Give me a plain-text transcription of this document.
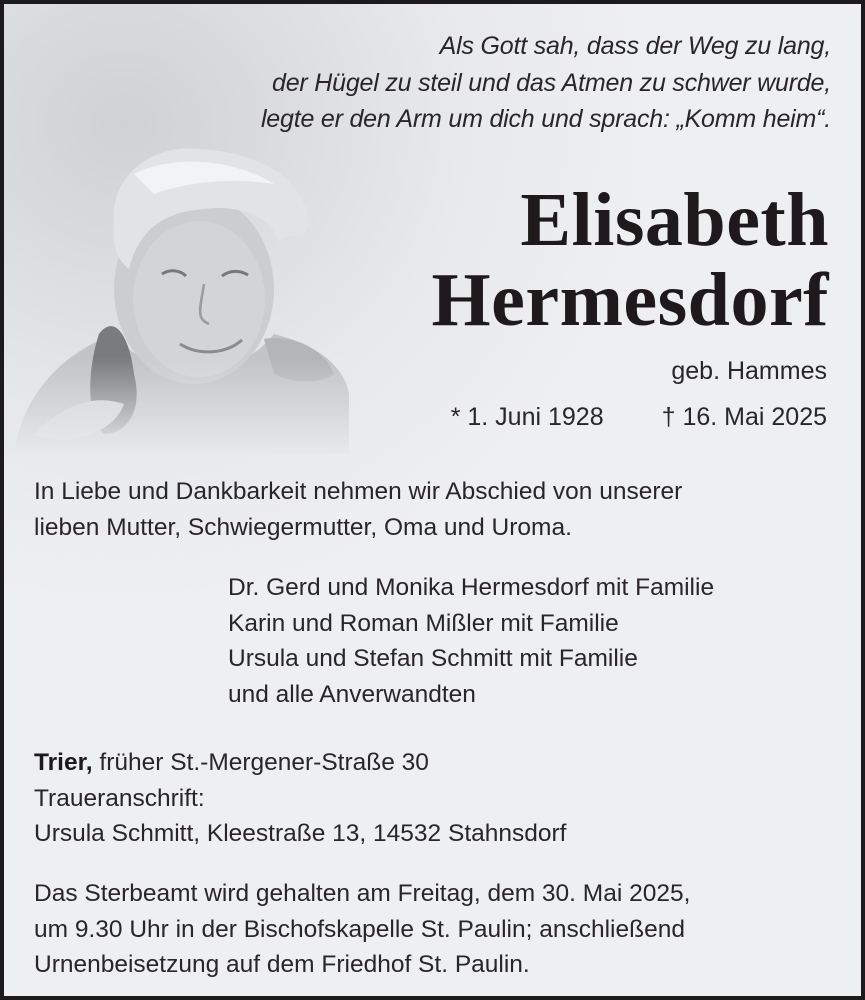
Als Gott sah, dass der Weg zu lang,
der Hügel zu steil und das Atmen zu schwer wurde,
legte er den Arm um dich und sprach: „Komm heim“.
Elisabeth
Hermesdorf
geb. Hammes
* 1. Juni 1928 † 16. Mai 2025
In Liebe und Dankbarkeit nehmen wir Abschied von unserer
lieben Mutter, Schwiegermutter, Oma und Uroma.
Dr. Gerd und Monika Hermesdorf mit Familie
Karin und Roman Mißler mit Familie
Ursula und Stefan Schmitt mit Familie
und alle Anverwandten
Trier, früher St.-Mergener-Straße 30
Traueranschrift:
Ursula Schmitt, Kleestraße 13, 14532 Stahnsdorf
Das Sterbeamt wird gehalten am Freitag, dem 30. Mai 2025,
um 9.30 Uhr in der Bischofskapelle St. Paulin; anschließend
Urnenbeisetzung auf dem Friedhof St. Paulin.
